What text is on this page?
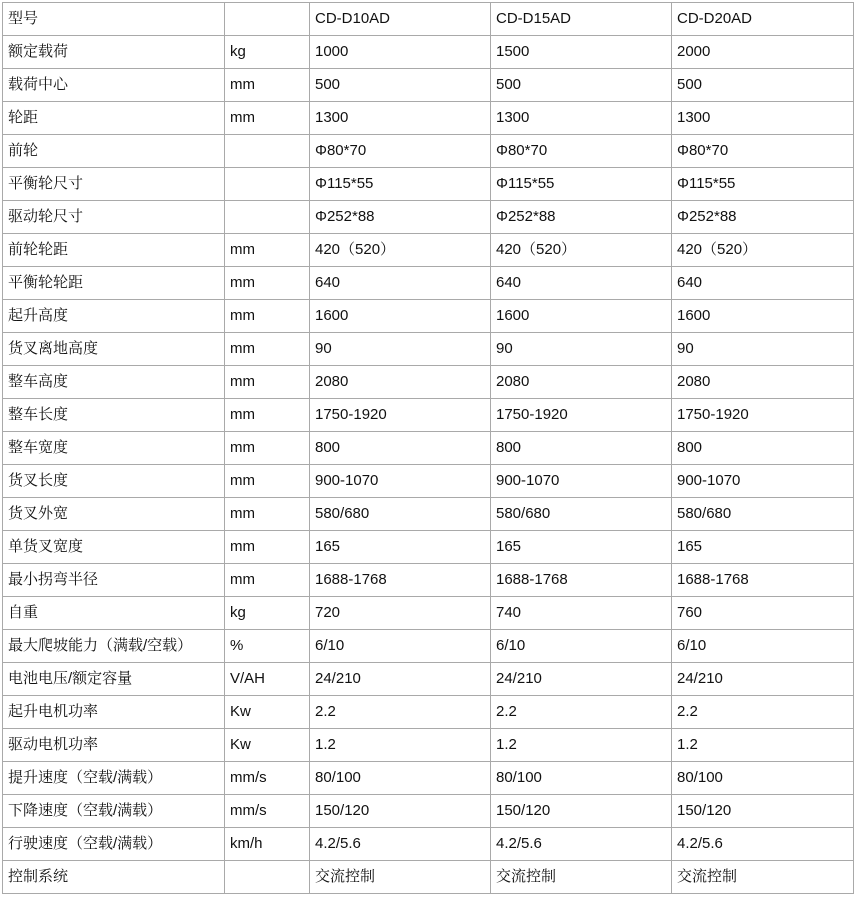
型号		CD-D10AD	CD-D15AD	CD-D20AD
额定载荷	kg	1000	1500	2000
载荷中心	mm	500	500	500
轮距	mm	1300	1300	1300
前轮		Φ80*70	Φ80*70	Φ80*70
平衡轮尺寸		Φ115*55	Φ115*55	Φ115*55
驱动轮尺寸		Φ252*88	Φ252*88	Φ252*88
前轮轮距	mm	420（520）	420（520）	420（520）
平衡轮轮距	mm	640	640	640
起升高度	mm	1600	1600	1600
货叉离地高度	mm	90	90	90
整车高度	mm	2080	2080	2080
整车长度	mm	1750-1920	1750-1920	1750-1920
整车宽度	mm	800	800	800
货叉长度	mm	900-1070	900-1070	900-1070
货叉外宽	mm	580/680	580/680	580/680
单货叉宽度	mm	165	165	165
最小拐弯半径	mm	1688-1768	1688-1768	1688-1768
自重	kg	720	740	760
最大爬坡能力（满载/空载）	%	6/10	6/10	6/10
电池电压/额定容量	V/AH	24/210	24/210	24/210
起升电机功率	Kw	2.2	2.2	2.2
驱动电机功率	Kw	1.2	1.2	1.2
提升速度（空载/满载）	mm/s	80/100	80/100	80/100
下降速度（空载/满载）	mm/s	150/120	150/120	150/120
行驶速度（空载/满载）	km/h	4.2/5.6	4.2/5.6	4.2/5.6
控制系统		交流控制	交流控制	交流控制
